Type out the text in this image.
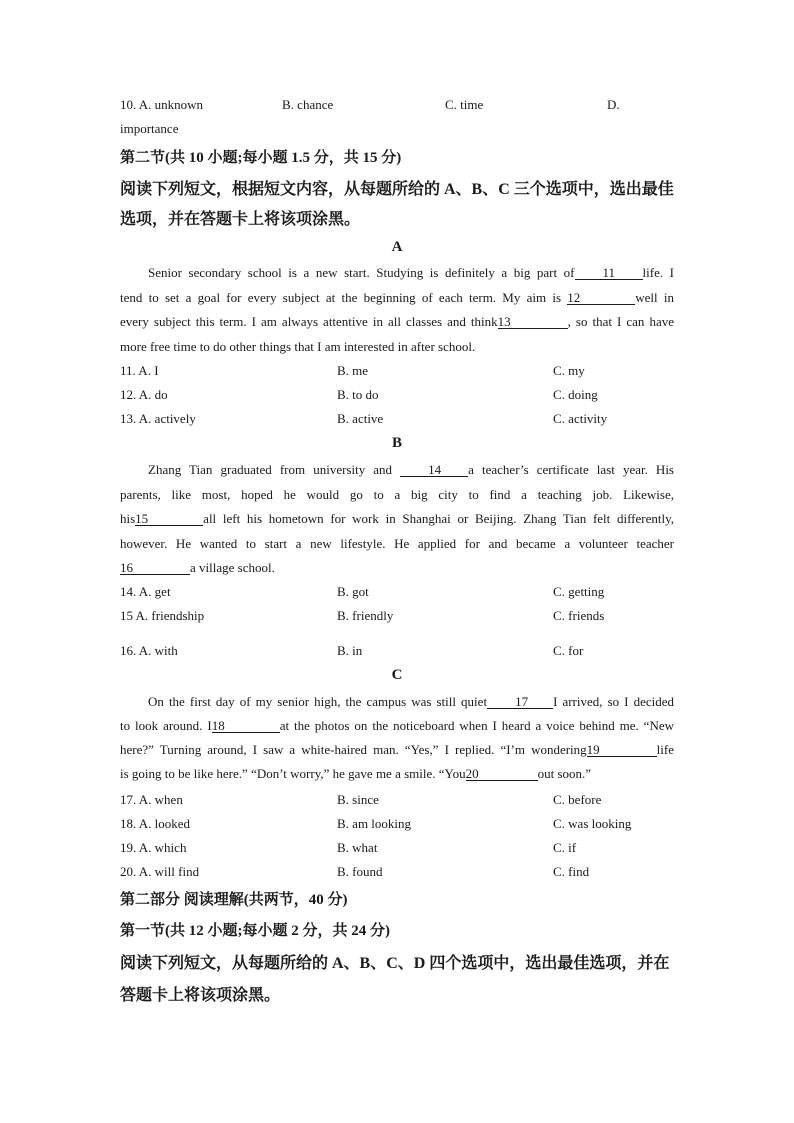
10. A. unknown	B. chance	C. time	D.
importance
第二节(共 10 小题;每小题 1.5 分，共 15 分)
阅读下列短文，根据短文内容，从每题所给的 A、B、C 三个选项中，选出最佳
选项，并在答题卡上将该项涂黑。
A
Senior secondary school is a new start. Studying is definitely a big part of 11 life. I
tend to set a goal for every subject at the beginning of each term. My aim is 12	well in
every subject this term. I am always attentive in all classes and think13	, so that I can have
more free time to do other things that I am interested in after school.
11. A. I	B. me	C. my
12. A. do	B. to do	C. doing
13. A. actively	B. active	C. activity
B
Zhang Tian graduated from university and	14 a teacher’s certificate last year. His
parents, like most, hoped he would go to a big city to find a teaching job. Likewise,
his15	all left his hometown for work in Shanghai or Beijing. Zhang Tian felt differently,
however. He wanted to start a new lifestyle. He applied for and became a volunteer teacher
16	a village school.
14. A. get	B. got	C. getting
15 A. friendship	B. friendly	C. friends
16. A. with	B. in	C. for
C
On the first day of my senior high, the campus was still quiet 17 I arrived, so I decided
to look around. I18	at the photos on the noticeboard when I heard a voice behind me. “New
here?” Turning around, I saw a white-haired man. “Yes,” I replied. “I’m wondering19	life
is going to be like here.” “Don’t worry,” he gave me a smile. “You20	out soon.”
17. A. when	B. since	C. before
18. A. looked	B. am looking	C. was looking
19. A. which	B. what	C. if
20. A. will find	B. found	C. find
第二部分 阅读理解(共两节，40 分)
第一节(共 12 小题;每小题 2 分，共 24 分)
阅读下列短文，从每题所给的 A、B、C、D 四个选项中，选出最佳选项，并在
答题卡上将该项涂黑。
